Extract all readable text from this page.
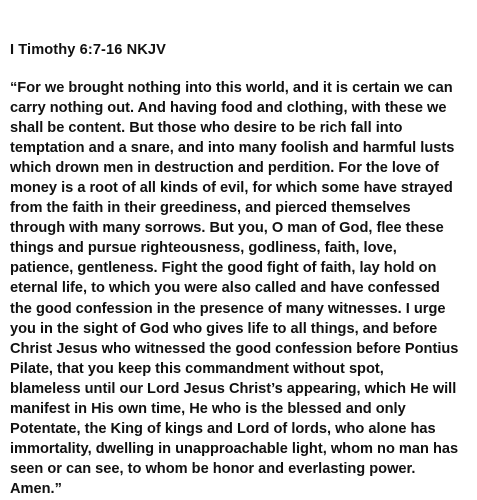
I Timothy 6:7-16 NKJV
“For we brought nothing into this world, and it is certain we can
carry nothing out. And having food and clothing, with these we
shall be content. But those who desire to be rich fall into
temptation and a snare, and into many foolish and harmful lusts
which drown men in destruction and perdition. For the love of
money is a root of all kinds of evil, for which some have strayed
from the faith in their greediness, and pierced themselves
through with many sorrows. But you, O man of God, flee these
things and pursue righteousness, godliness, faith, love,
patience, gentleness. Fight the good fight of faith, lay hold on
eternal life, to which you were also called and have confessed
the good confession in the presence of many witnesses. I urge
you in the sight of God who gives life to all things, and before
Christ Jesus who witnessed the good confession before Pontius
Pilate, that you keep this commandment without spot,
blameless until our Lord Jesus Christ’s appearing, which He will
manifest in His own time, He who is the blessed and only
Potentate, the King of kings and Lord of lords, who alone has
immortality, dwelling in unapproachable light, whom no man has
seen or can see, to whom be honor and everlasting power.
Amen.”
